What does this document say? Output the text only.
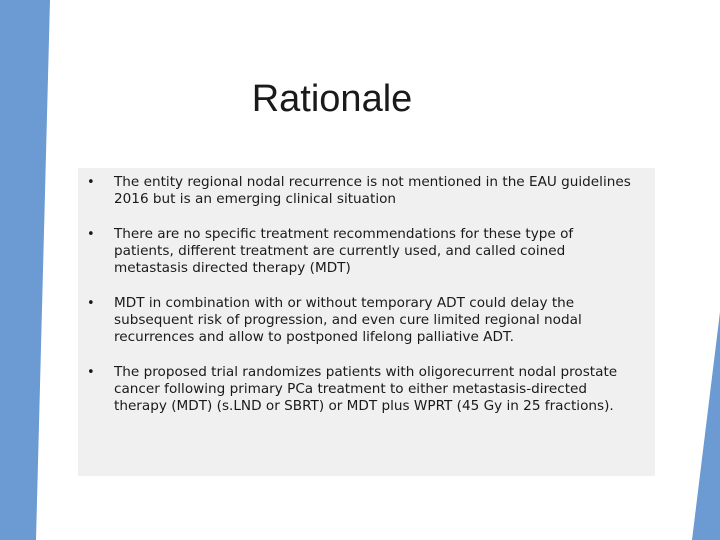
Rationale
• The entity regional nodal recurrence is not mentioned in the EAU guidelines 2016 but is an emerging clinical situation
• There are no specific treatment recommendations for these type of patients, different treatment are currently used, and called coined metastasis directed therapy (MDT)
• MDT in combination with or without temporary ADT could delay the subsequent risk of progression, and even cure limited regional nodal recurrences and allow to postponed lifelong palliative ADT.
• The proposed trial randomizes patients with oligorecurrent nodal prostate cancer following primary PCa treatment to either metastasis-directed therapy (MDT) (s.LND or SBRT) or MDT plus WPRT (45 Gy in 25 fractions).
